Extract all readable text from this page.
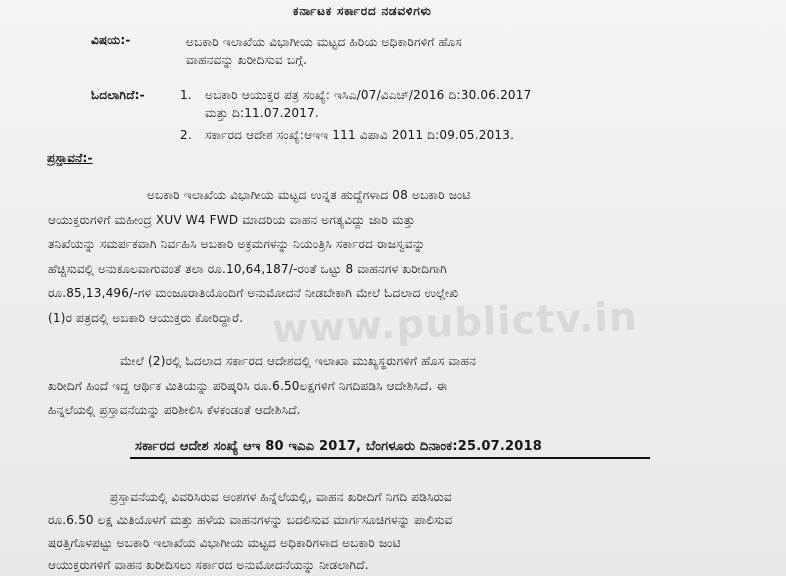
ಕರ್ನಾಟಕ ಸರ್ಕಾರದ ನಡವಳಿಗಳು
ವಿಷಯ:-	ಅಬಕಾರಿ ಇಲಾಖೆಯ ವಿಭಾಗೀಯ ಮಟ್ಟದ ಹಿರಿಯ ಅಧಿಕಾರಿಗಳಿಗೆ ಹೊಸ
ವಾಹನವನ್ನು ಖರೀದಿಸುವ ಬಗ್ಗೆ.
ಓದಲಾಗಿದೆ:-	1. ಅಬಕಾರಿ ಆಯುಕ್ತರ ಪತ್ರ ಸಂಖ್ಯೆ: ಇಸಿಎ/07/ವಿಎಚ್/2016 ದಿ:30.06.2017
ಮತ್ತು ದಿ:11.07.2017.
2. ಸರ್ಕಾರದ ಆದೇಶ ಸಂಖ್ಯೆ:ಆಇಇ 111 ವಿಪಾವಿ 2011 ದಿ:09.05.2013.
ಪ್ರಸ್ತಾವನೆ:-
ಅಬಕಾರಿ ಇಲಾಖೆಯ ವಿಭಾಗೀಯ ಮಟ್ಟದ ಉನ್ನತ ಹುದ್ದೆಗಳಾದ 08 ಅಬಕಾರಿ ಜಂಟಿ
ಆಯುಕ್ತರುಗಳಿಗೆ ಮಹೀಂದ್ರ XUV W4 FWD ಮಾದರಿಯ ವಾಹನ ಅಗತ್ಯವಿದ್ದು ಜಾರಿ ಮತ್ತು
ತನಿಖೆಯನ್ನು ಸಮರ್ಪಕವಾಗಿ ನಿರ್ವಹಿಸಿ ಅಬಕಾರಿ ಅಕ್ರಮಗಳನ್ನು ನಿಯಂತ್ರಿಸಿ ಸರ್ಕಾರದ ರಾಜಸ್ವವನ್ನು
ಹೆಚ್ಚಿಸುವಲ್ಲಿ ಅನುಕೂಲವಾಗುವಂತೆ ತಲಾ ರೂ.10,64,187/-ರಂತೆ ಒಟ್ಟು 8 ವಾಹನಗಳ ಖರೀದಿಗಾಗಿ
ರೂ.85,13,496/-ಗಳ ಮಂಜೂರಾತಿಯೊಂದಿಗೆ ಅನುಮೋದನೆ ನೀಡಬೇಕಾಗಿ ಮೇಲೆ ಓದಲಾದ ಉಲ್ಲೇಖಿ
(1)ರ ಪತ್ರದಲ್ಲಿ ಅಬಕಾರಿ ಆಯುಕ್ತರು ಕೋರಿದ್ದಾರೆ. www.publictv.in
ಮೇಲೆ (2)ರಲ್ಲಿ ಓದಲಾದ ಸರ್ಕಾರದ ಆದೇಶದಲ್ಲಿ ಇಲಾಖಾ ಮುಖ್ಯಸ್ಥರುಗಳಿಗೆ ಹೊಸ ವಾಹನ
ಖರೀದಿಗೆ ಹಿಂದೆ ಇದ್ದ ಆರ್ಥಿಕ ಮಿತಿಯನ್ನು ಪರಿಷ್ಕರಿಸಿ ರೂ.6.50ಲಕ್ಷಗಳಿಗೆ ನಿಗದಿಪಡಿಸಿ ಆದೇಶಿಸಿದೆ. ಈ
ಹಿನ್ನಲೆಯಲ್ಲಿ ಪ್ರಸ್ತಾವನೆಯನ್ನು ಪರಿಶೀಲಿಸಿ ಕೆಳಕಂಡಂತೆ ಆದೇಶಿಸಿದೆ.
ಸರ್ಕಾರದ ಆದೇಶ ಸಂಖ್ಯೆ ಆಇ 80 ಇಎಎ 2017, ಬೆಂಗಳೂರು ದಿನಾಂಕ:25.07.2018
ಪ್ರಸ್ತಾವನೆಯಲ್ಲಿ ವಿವರಿಸಿರುವ ಅಂಶಗಳ ಹಿನ್ನೆಲೆಯಲ್ಲಿ, ವಾಹನ ಖರೀದಿಗೆ ನಿಗದಿ ಪಡಿಸಿರುವ
ರೂ.6.50 ಲಕ್ಷ ಮಿತಿಯೊಳಗೆ ಮತ್ತು ಹಳೆಯ ವಾಹನಗಳನ್ನು ಬದಲಿಸುವ ಮಾರ್ಗಸೂಚಿಗಳನ್ನು ಪಾಲಿಸುವ
ಷರತ್ತಿಗೊಳಪಟ್ಟು ಅಬಕಾರಿ ಇಲಾಖೆಯ ವಿಭಾಗೀಯ ಮಟ್ಟದ ಅಧಿಕಾರಿಗಳಾದ ಅಬಕಾರಿ ಜಂಟಿ
ಆಯುಕ್ತರುಗಳಿಗೆ ವಾಹನ ಖರೀದಿಸಲು ಸರ್ಕಾರದ ಅನುಮೋದನೆಯನ್ನು ನೀಡಲಾಗಿದೆ.
